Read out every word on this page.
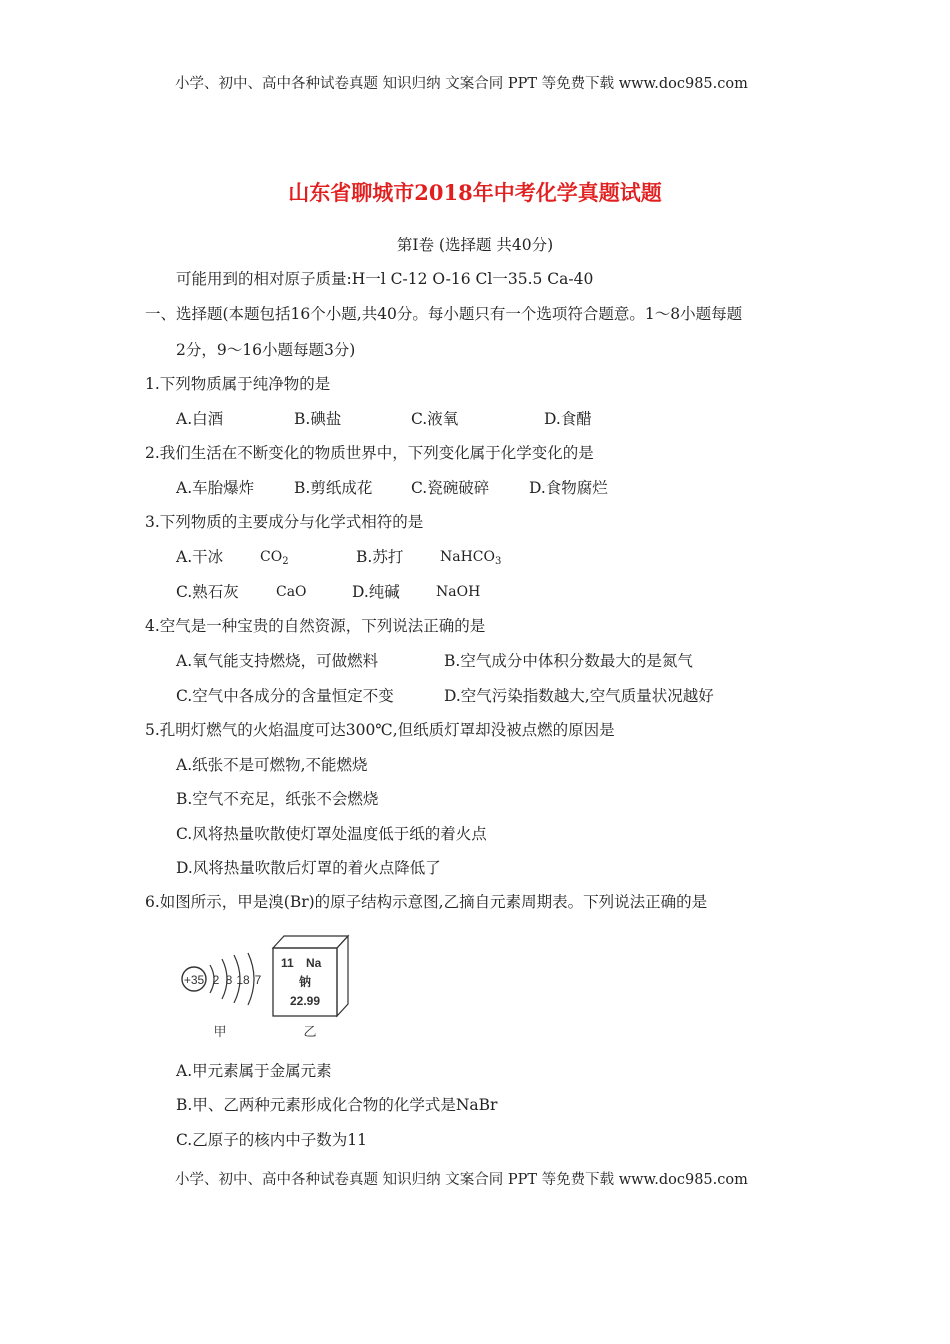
小学、初中、高中各种试卷真题 知识归纳 文案合同 PPT 等免费下载 www.doc985.com
山东省聊城市2018年中考化学真题试题
第Ⅰ卷 (选择题 共40分)
可能用到的相对原子质量:H一l C-12 O-16 Cl一35.5 Ca-40
一、选择题(本题包括16个小题,共40分。每小题只有一个选项符合题意。1～8小题每题
2分，9～16小题每题3分)
1.下列物质属于纯净物的是
A.白酒	B.碘盐	C.液氧	D.食醋
2.我们生活在不断变化的物质世界中，下列变化属于化学变化的是
A.车胎爆炸	B.剪纸成花 C.瓷碗破碎	D.食物腐烂
3.下列物质的主要成分与化学式相符的是
A.干冰	$CO_2$	B.苏打	NaHCO$_3$
C.熟石灰	CaO	D.纯碱	NaOH
4.空气是一种宝贵的自然资源，下列说法正确的是
A.氧气能支持燃烧，可做燃料	B.空气成分中体积分数最大的是氮气
C.空气中各成分的含量恒定不变	D.空气污染指数越大,空气质量状况越好
5.孔明灯燃气的火焰温度可达300℃,但纸质灯罩却没被点燃的原因是
A.纸张不是可燃物,不能燃烧
B.空气不充足，纸张不会燃烧
C.风将热量吹散使灯罩处温度低于纸的着火点
D.风将热量吹散后灯罩的着火点降低了
6.如图所示，甲是溴(Br)的原子结构示意图,乙摘自元素周期表。下列说法正确的是
+35 2 8 18 7
甲
11 Na
钠
22.99
乙
A.甲元素属于金属元素
B.甲、乙两种元素形成化合物的化学式是NaBr
C.乙原子的核内中子数为11
小学、初中、高中各种试卷真题 知识归纳 文案合同 PPT 等免费下载 www.doc985.com
